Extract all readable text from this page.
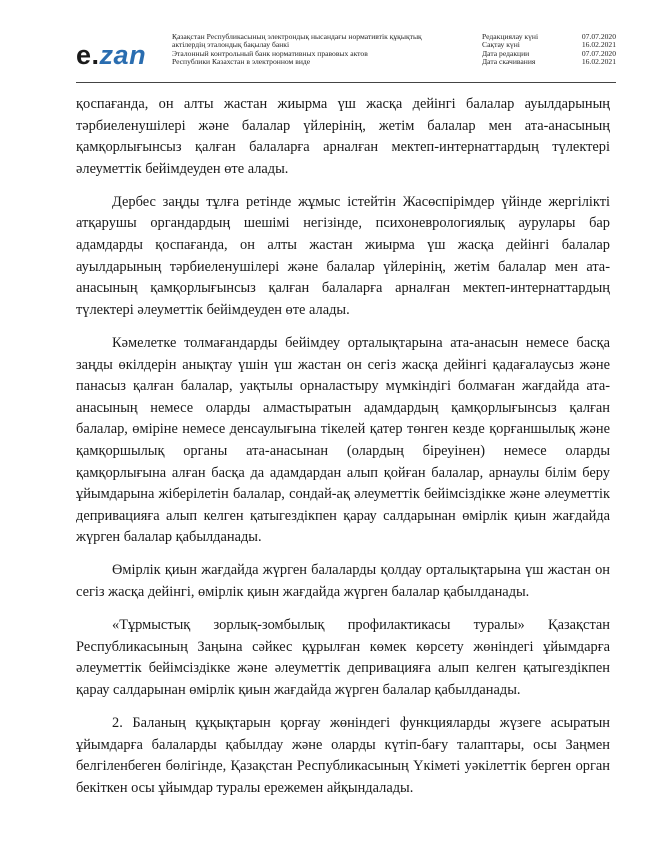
e.zan
Қазақстан Республикасының электрондық нысандағы нормативтік құқықтық
актілердің эталондық бақылау банкі
Эталонный контрольный банк нормативных правовых актов
Республики Казахстан в электронном виде
Редакциялау күні	07.07.2020
Сақтау күні	16.02.2021
Дата редакции	07.07.2020
Дата скачивания	16.02.2021

қоспағанда, он алты жастан жиырма үш жасқа дейінгі балалар ауылдарының тәрбиеленушілері және балалар үйлерінің, жетім балалар мен ата-анасының қамқорлығынсыз қалған балаларға арналған мектеп-интернаттардың түлектері әлеуметтік бейімдеуден өте алады.

Дербес заңды тұлға ретінде жұмыс істейтін Жасөспірімдер үйінде жергілікті атқарушы органдардың шешімі негізінде, психоневрологиялық аурулары бар адамдарды қоспағанда, он алты жастан жиырма үш жасқа дейінгі балалар ауылдарының тәрбиеленушілері және балалар үйлерінің, жетім балалар мен ата-анасының қамқорлығынсыз қалған балаларға арналған мектеп-интернаттардың түлектері әлеуметтік бейімдеуден өте алады.

Кәмелетке толмағандарды бейімдеу орталықтарына ата-анасын немесе басқа заңды өкілдерін анықтау үшін үш жастан он сегіз жасқа дейінгі қадағалаусыз және панасыз қалған балалар, уақтылы орналастыру мүмкіндігі болмаған жағдайда ата-анасының немесе оларды алмастыратын адамдардың қамқорлығынсыз қалған балалар, өміріне немесе денсаулығына тікелей қатер төнген кезде қорғаншылық және қамқоршылық органы ата-анасынан (олардың біреуінен) немесе оларды қамқорлығына алған басқа да адамдардан алып қойған балалар, арнаулы білім беру ұйымдарына жіберілетін балалар, сондай-ақ әлеуметтік бейімсіздікке және әлеуметтік депривацияға алып келген қатыгездікпен қарау салдарынан өмірлік қиын жағдайда жүрген балалар қабылданады.

Өмірлік қиын жағдайда жүрген балаларды қолдау орталықтарына үш жастан он сегіз жасқа дейінгі, өмірлік қиын жағдайда жүрген балалар қабылданады.

«Тұрмыстық зорлық-зомбылық профилактикасы туралы» Қазақстан Республикасының Заңына сәйкес құрылған көмек көрсету жөніндегі ұйымдарға әлеуметтік бейімсіздікке және әлеуметтік депривацияға алып келген қатыгездікпен қарау салдарынан өмірлік қиын жағдайда жүрген балалар қабылданады.

2. Баланың құқықтарын қорғау жөніндегі функцияларды жүзеге асыратын ұйымдарға балаларды қабылдау және оларды күтіп-бағу талаптары, осы Заңмен белгіленбеген бөлігінде, Қазақстан Республикасының Үкіметі уәкілеттік берген орган бекіткен осы ұйымдар туралы ережемен айқындалады.
